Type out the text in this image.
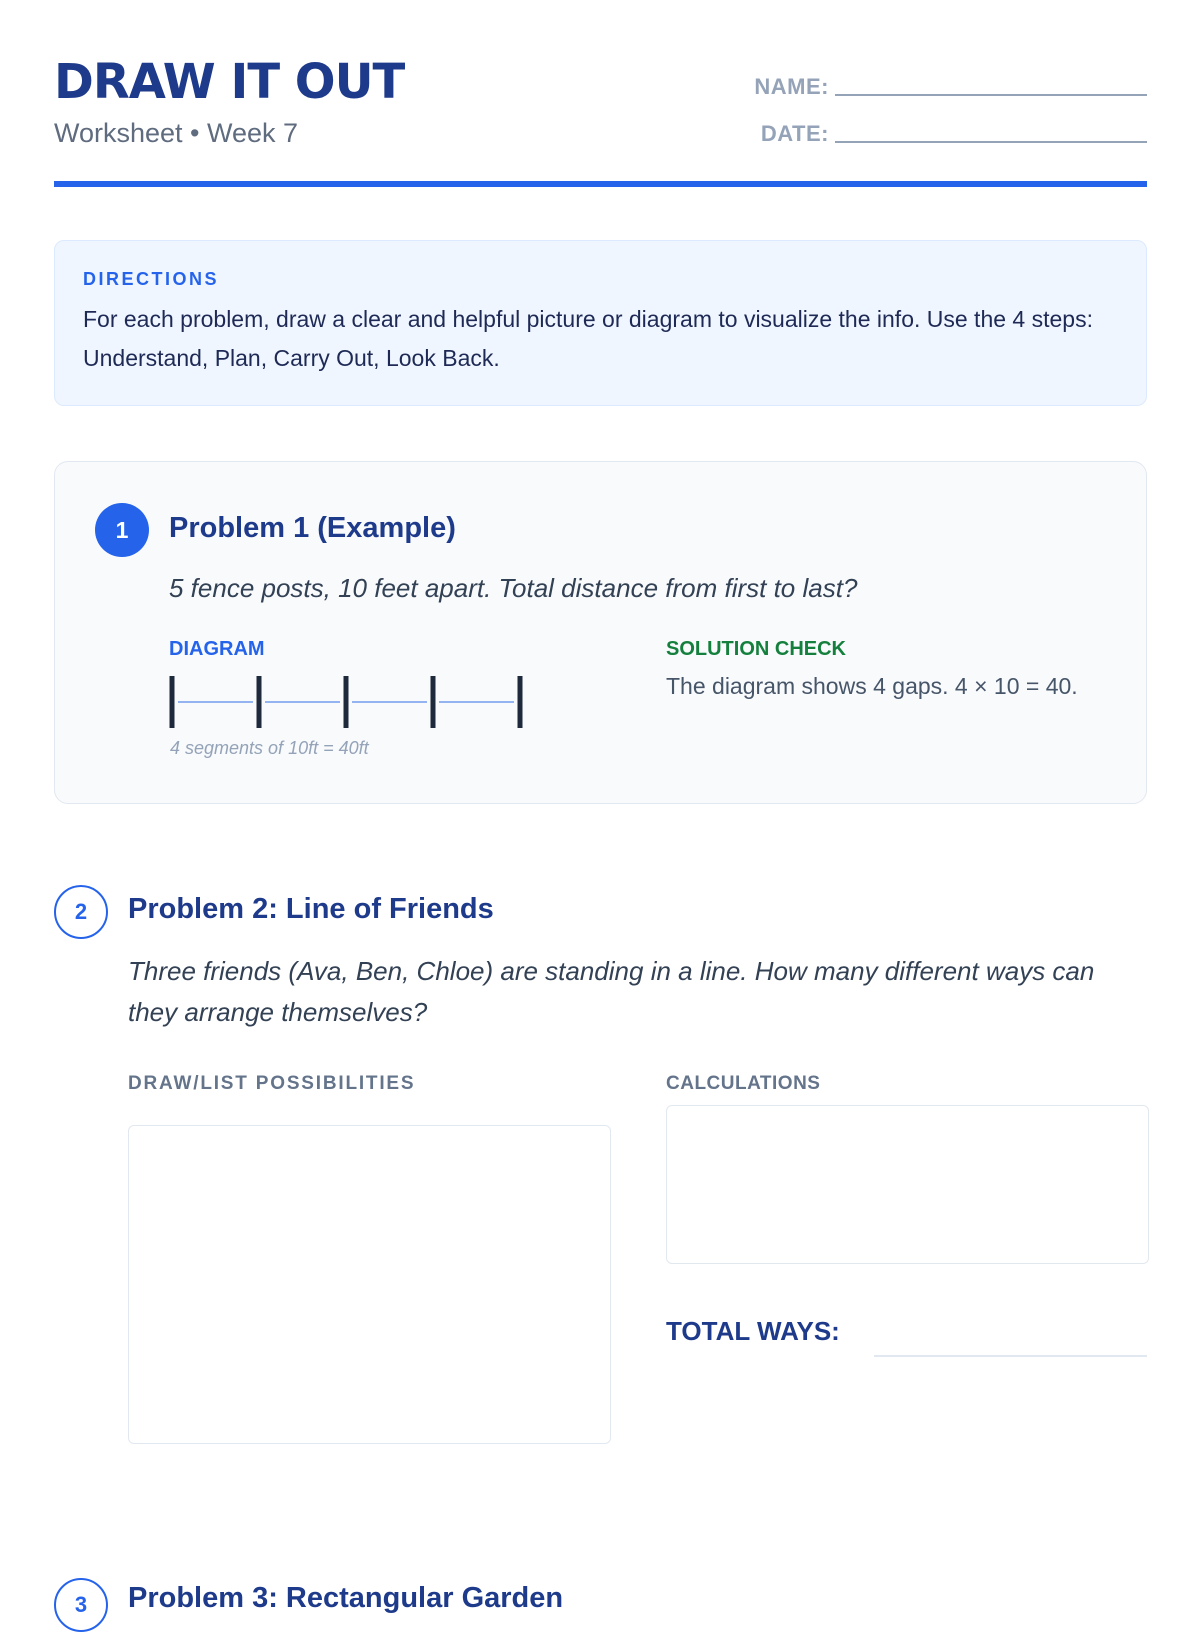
DRAW IT OUT
Worksheet • Week 7
NAME:
DATE:
DIRECTIONS
For each problem, draw a clear and helpful picture or diagram to visualize the info. Use the 4 steps: Understand, Plan, Carry Out, Look Back.
1	Problem 1 (Example)
5 fence posts, 10 feet apart. Total distance from first to last?
DIAGRAM
4 segments of 10ft = 40ft
SOLUTION CHECK
The diagram shows 4 gaps. 4 × 10 = 40.
2	Problem 2: Line of Friends
Three friends (Ava, Ben, Chloe) are standing in a line. How many different ways can they arrange themselves?
DRAW/LIST POSSIBILITIES	CALCULATIONS
TOTAL WAYS:
3	Problem 3: Rectangular Garden
